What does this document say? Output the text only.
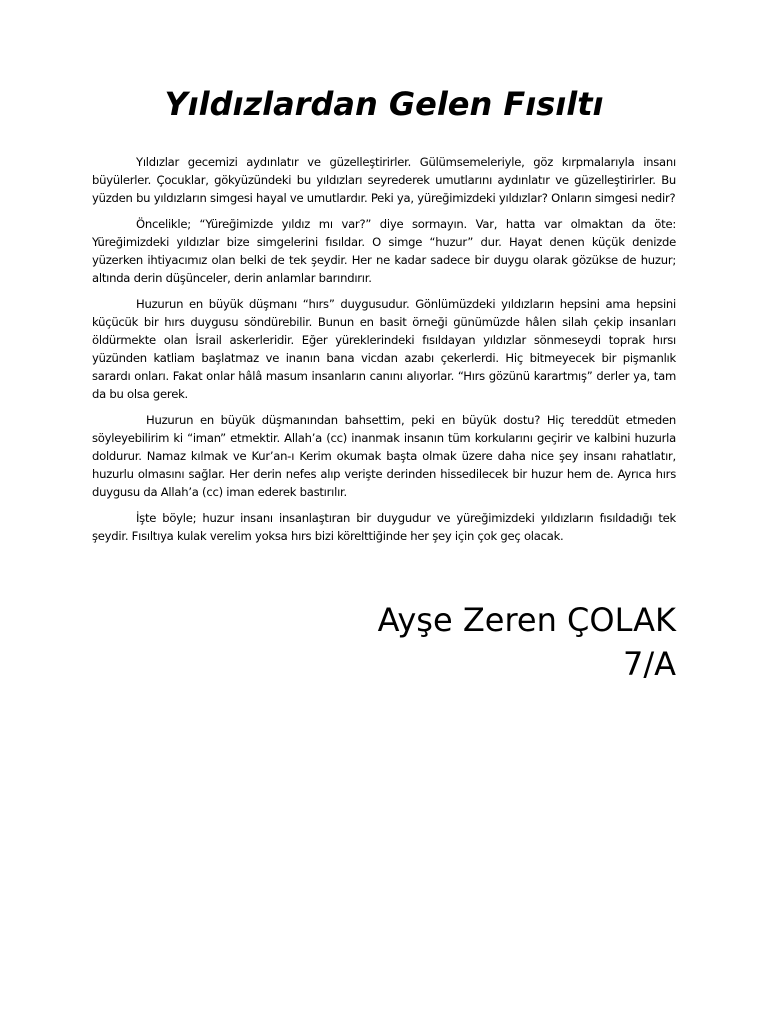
Yıldızlardan Gelen Fısıltı

Yıldızlar gecemizi aydınlatır ve güzelleştirirler. Gülümsemeleriyle, göz kırpmalarıyla insanı büyülerler. Çocuklar, gökyüzündeki bu yıldızları seyrederek umutlarını aydınlatır ve güzelleştirirler. Bu yüzden bu yıldızların simgesi hayal ve umutlardır. Peki ya, yüreğimizdeki yıldızlar? Onların simgesi nedir?

Öncelikle; “Yüreğimizde yıldız mı var?” diye sormayın. Var, hatta var olmaktan da öte: Yüreğimizdeki yıldızlar bize simgelerini fısıldar. O simge “huzur” dur. Hayat denen küçük denizde yüzerken ihtiyacımız olan belki de tek şeydir. Her ne kadar sadece bir duygu olarak gözükse de huzur; altında derin düşünceler, derin anlamlar barındırır.

Huzurun en büyük düşmanı “hırs” duygusudur. Gönlümüzdeki yıldızların hepsini ama hepsini küçücük bir hırs duygusu söndürebilir. Bunun en basit örneği günümüzde hâlen silah çekip insanları öldürmekte olan İsrail askerleridir. Eğer yüreklerindeki fısıldayan yıldızlar sönmeseydi toprak hırsı yüzünden katliam başlatmaz ve inanın bana vicdan azabı çekerlerdi. Hiç bitmeyecek bir pişmanlık sarardı onları. Fakat onlar hâlâ masum insanların canını alıyorlar. “Hırs gözünü karartmış” derler ya, tam da bu olsa gerek.

Huzurun en büyük düşmanından bahsettim, peki en büyük dostu? Hiç tereddüt etmeden söyleyebilirim ki “iman” etmektir. Allah’a (cc) inanmak insanın tüm korkularını geçirir ve kalbini huzurla doldurur. Namaz kılmak ve Kur’an-ı Kerim okumak başta olmak üzere daha nice şey insanı rahatlatır, huzurlu olmasını sağlar. Her derin nefes alıp verişte derinden hissedilecek bir huzur hem de. Ayrıca hırs duygusu da Allah’a (cc) iman ederek bastırılır.

İşte böyle; huzur insanı insanlaştıran bir duygudur ve yüreğimizdeki yıldızların fısıldadığı tek şeydir. Fısıltıya kulak verelim yoksa hırs bizi körelttiğinde her şey için çok geç olacak.

Ayşe Zeren ÇOLAK
7/A
